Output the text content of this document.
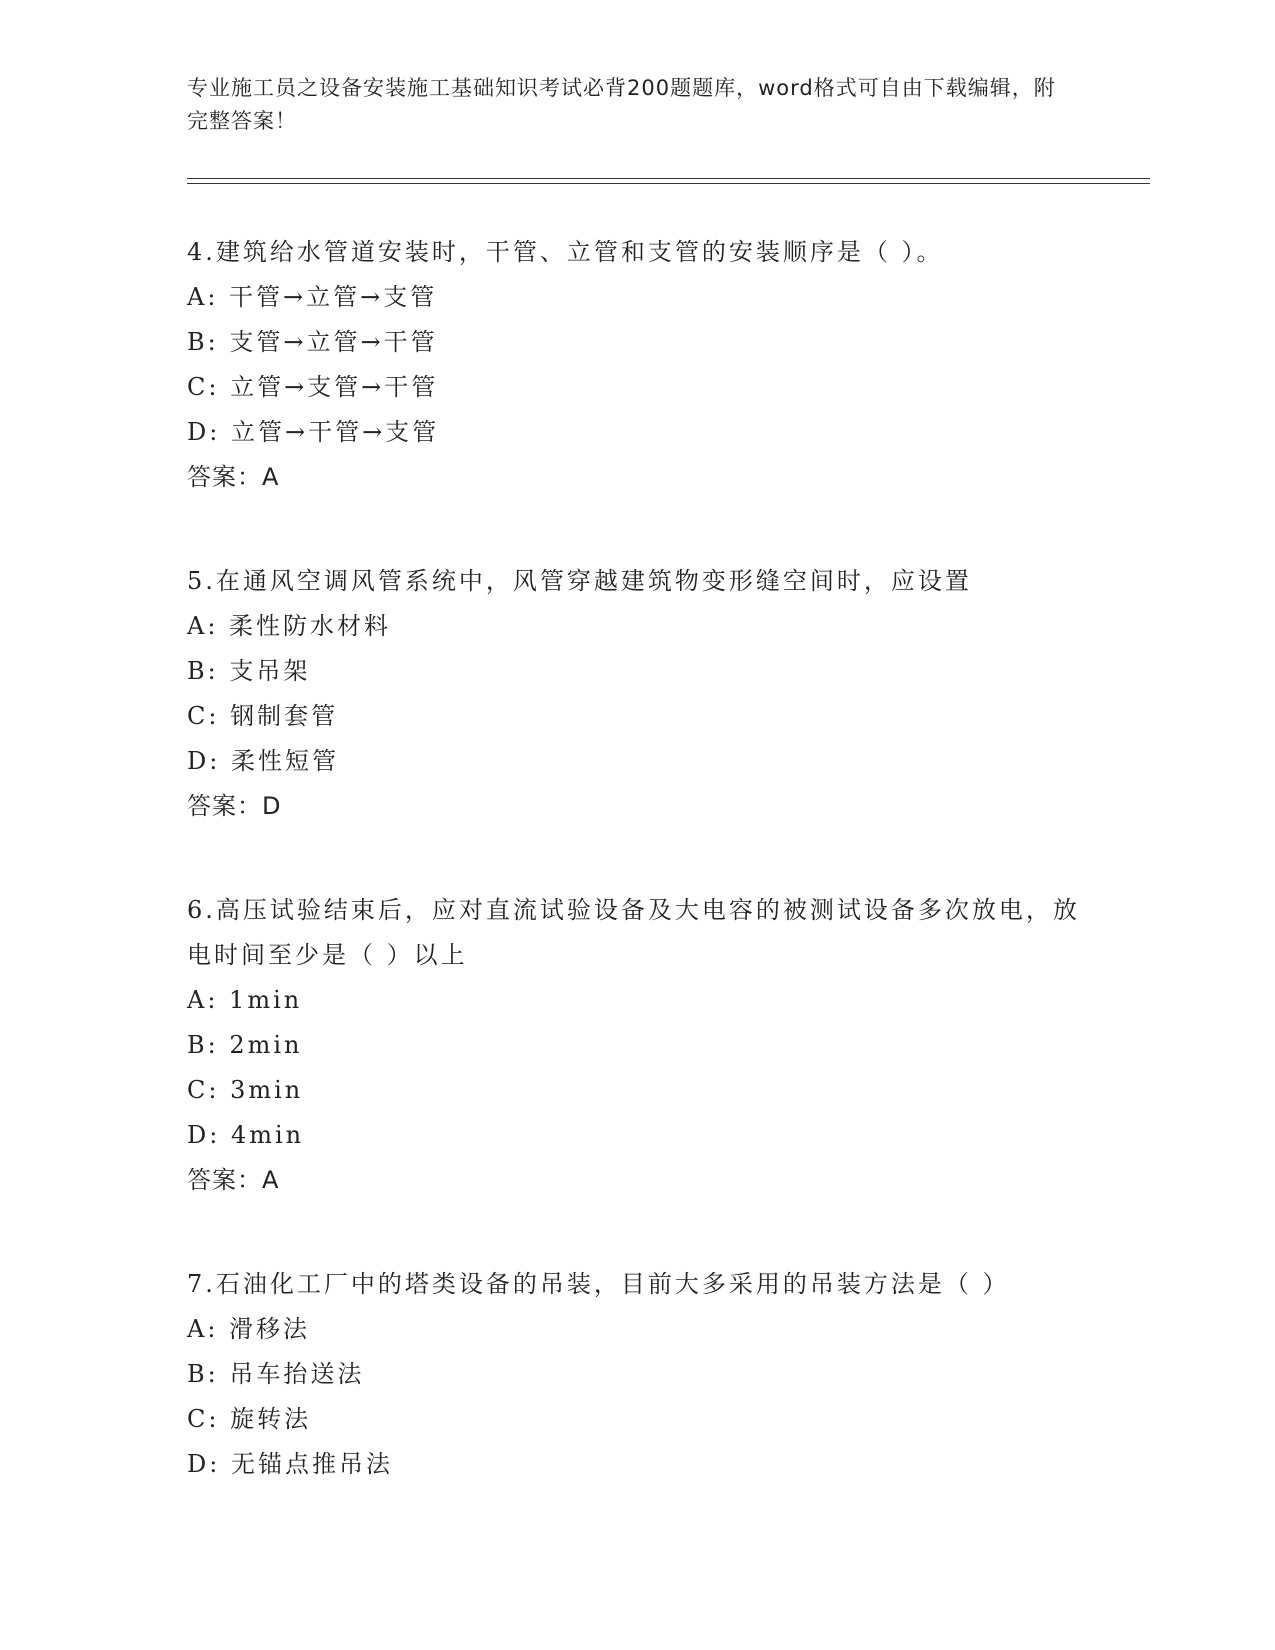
专业施工员之设备安装施工基础知识考试必背200题题库，word格式可自由下载编辑，附完整答案！

4.建筑给水管道安装时，干管、立管和支管的安装顺序是（ ）。

A: 干管→立管→支管

B: 支管→立管→干管

C: 立管→支管→干管

D: 立管→干管→支管

答案：A

5.在通风空调风管系统中，风管穿越建筑物变形缝空间时，应设置

A: 柔性防水材料

B: 支吊架

C: 钢制套管

D: 柔性短管

答案：D

6.高压试验结束后，应对直流试验设备及大电容的被测试设备多次放电，放电时间至少是（ ）以上

A: 1min

B: 2min

C: 3min

D: 4min

答案：A

7.石油化工厂中的塔类设备的吊装，目前大多采用的吊装方法是（ ）

A: 滑移法

B: 吊车抬送法

C: 旋转法

D: 无锚点推吊法
